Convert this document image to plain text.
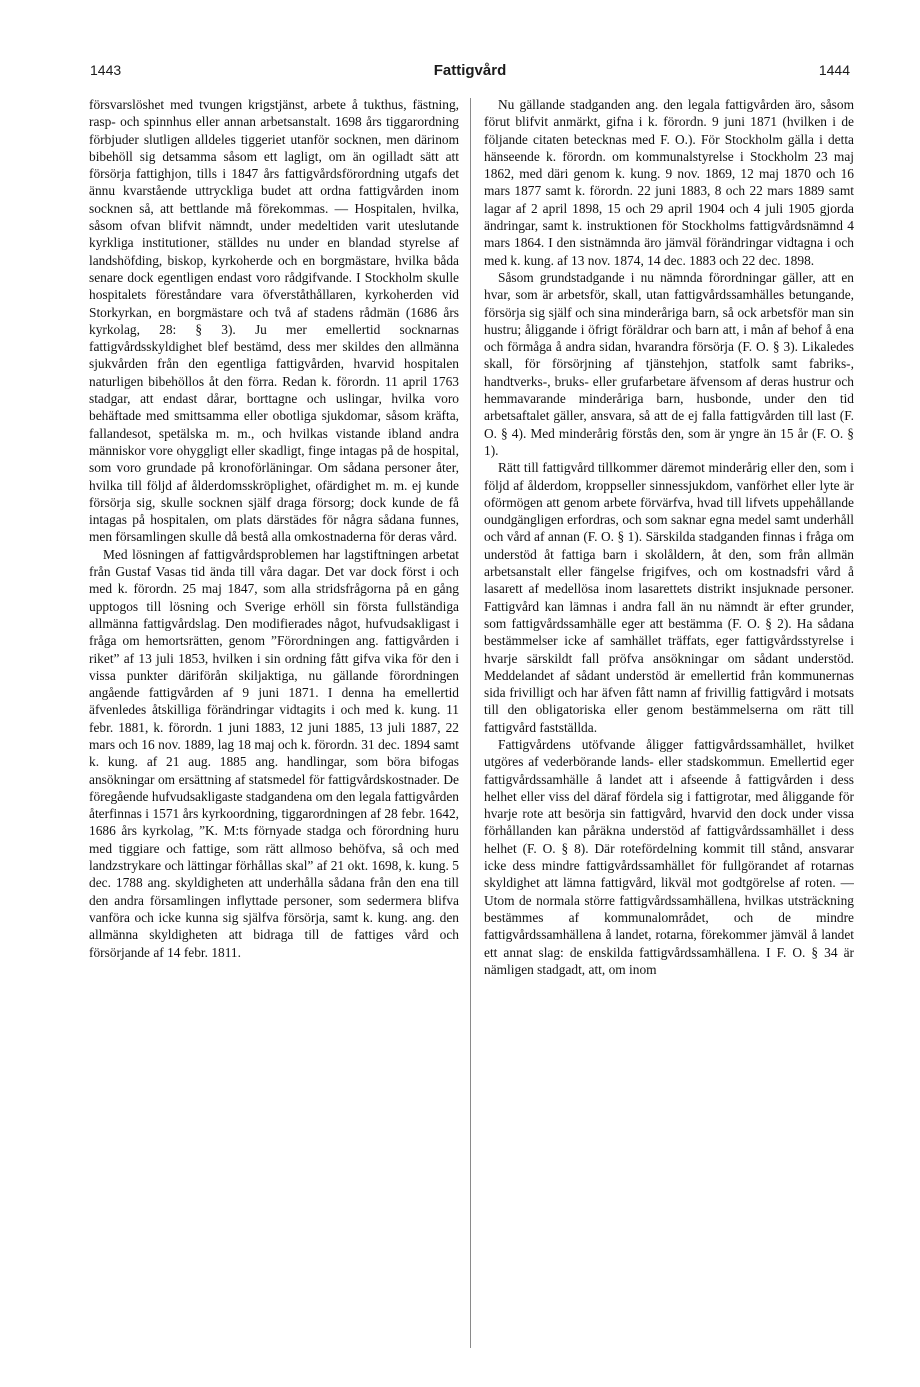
1443	Fattigvård	1444

försvarslöshet med tvungen krigstjänst, arbete å tukthus, fästning, rasp- och spinnhus eller annan arbetsanstalt. 1698 års tiggarordning förbjuder slutligen alldeles tiggeriet utanför socknen, men därinom bibehöll sig detsamma såsom ett lagligt, om än ogilladt sätt att försörja fattighjon, tills i 1847 års fattigvårdsförordning utgafs det ännu kvarstående uttryckliga budet att ordna fattigvården inom socknen så, att bettlande må förekommas. — Hospitalen, hvilka, såsom ofvan blifvit nämndt, under medeltiden varit uteslutande kyrkliga institutioner, ställdes nu under en blandad styrelse af landshöfding, biskop, kyrkoherde och en borgmästare, hvilka båda senare dock egentligen endast voro rådgifvande. I Stockholm skulle hospitalets föreståndare vara öfverståthållaren, kyrkoherden vid Storkyrkan, en borgmästare och två af stadens rådmän (1686 års kyrkolag, 28: § 3). Ju mer emellertid socknarnas fattigvårdsskyldighet blef bestämd, dess mer skildes den allmänna sjukvården från den egentliga fattigvården, hvarvid hospitalen naturligen bibehöllos åt den förra. Redan k. förordn. 11 april 1763 stadgar, att endast dårar, borttagne och uslingar, hvilka voro behäftade med smittsamma eller obotliga sjukdomar, såsom kräfta, fallandesot, spetälska m. m., och hvilkas vistande ibland andra människor vore ohyggligt eller skadligt, finge intagas på de hospital, som voro grundade på kronoförläningar. Om sådana personer åter, hvilka till följd af ålderdomsskröplighet, ofärdighet m. m. ej kunde försörja sig, skulle socknen själf draga försorg; dock kunde de få intagas på hospitalen, om plats därstädes för några sådana funnes, men församlingen skulle då bestå alla omkostnaderna för deras vård.

Med lösningen af fattigvårdsproblemen har lagstiftningen arbetat från Gustaf Vasas tid ända till våra dagar. Det var dock först i och med k. förordn. 25 maj 1847, som alla stridsfrågorna på en gång upptogos till lösning och Sverige erhöll sin första fullständiga allmänna fattigvårdslag. Den modifierades något, hufvudsakligast i fråga om hemortsrätten, genom ”Förordningen ang. fattigvården i riket” af 13 juli 1853, hvilken i sin ordning fått gifva vika för den i vissa punkter däriförån skiljaktiga, nu gällande förordningen angående fattigvården af 9 juni 1871. I denna ha emellertid äfvenledes åtskilliga förändringar vidtagits i och med k. kung. 11 febr. 1881, k. förordn. 1 juni 1883, 12 juni 1885, 13 juli 1887, 22 mars och 16 nov. 1889, lag 18 maj och k. förordn. 31 dec. 1894 samt k. kung. af 21 aug. 1885 ang. handlingar, som böra bifogas ansökningar om ersättning af statsmedel för fattigvårdskostnader. De föregående hufvudsakligaste stadgandena om den legala fattigvården återfinnas i 1571 års kyrkoordning, tiggarordningen af 28 febr. 1642, 1686 års kyrkolag, ”K. M:ts förnyade stadga och förordning huru med tiggiare och fattige, som rätt allmoso behöfva, så och med landzstrykare och lättingar förhållas skal” af 21 okt. 1698, k. kung. 5 dec. 1788 ang. skyldigheten att underhålla sådana från den ena till den andra församlingen inflyttade personer, som sedermera blifva vanföra och icke kunna sig själfva försörja, samt k. kung. ang. den allmänna skyldigheten att bidraga till de fattiges vård och försörjande af 14 febr. 1811.

Nu gällande stadganden ang. den legala fattigvården äro, såsom förut blifvit anmärkt, gifna i k. förordn. 9 juni 1871 (hvilken i de följande citaten betecknas med F. O.). För Stockholm gälla i detta hänseende k. förordn. om kommunalstyrelse i Stockholm 23 maj 1862, med däri genom k. kung. 9 nov. 1869, 12 maj 1870 och 16 mars 1877 samt k. förordn. 22 juni 1883, 8 och 22 mars 1889 samt lagar af 2 april 1898, 15 och 29 april 1904 och 4 juli 1905 gjorda ändringar, samt k. instruktionen för Stockholms fattigvårdsnämnd 4 mars 1864. I den sistnämnda äro jämväl förändringar vidtagna i och med k. kung. af 13 nov. 1874, 14 dec. 1883 och 22 dec. 1898.

Såsom grundstadgande i nu nämnda förordningar gäller, att en hvar, som är arbetsför, skall, utan fattigvårdssamhälles betungande, försörja sig själf och sina minderåriga barn, så ock arbetsför man sin hustru; åliggande i öfrigt föräldrar och barn att, i mån af behof å ena och förmåga å andra sidan, hvarandra försörja (F. O. § 3). Likaledes skall, för försörjning af tjänstehjon, statfolk samt fabriks-, handtverks-, bruks- eller grufarbetare äfvensom af deras hustrur och hemmavarande minderåriga barn, husbonde, under den tid arbetsaftalet gäller, ansvara, så att de ej falla fattigvården till last (F. O. § 4). Med minderårig förstås den, som är yngre än 15 år (F. O. § 1).

Rätt till fattigvård tillkommer däremot minderårig eller den, som i följd af ålderdom, kroppseller sinnessjukdom, vanförhet eller lyte är oförmögen att genom arbete förvärfva, hvad till lifvets uppehållande oundgängligen erfordras, och som saknar egna medel samt underhåll och vård af annan (F. O. § 1). Särskilda stadganden finnas i fråga om understöd åt fattiga barn i skolåldern, åt den, som från allmän arbetsanstalt eller fängelse frigifves, och om kostnadsfri vård å lasarett af medellösa inom lasarettets distrikt insjuknade personer. Fattigvård kan lämnas i andra fall än nu nämndt är efter grunder, som fattigvårdssamhälle eger att bestämma (F. O. § 2). Ha sådana bestämmelser icke af samhället träffats, eger fattigvårdsstyrelse i hvarje särskildt fall pröfva ansökningar om sådant understöd. Meddelandet af sådant understöd är emellertid från kommunernas sida frivilligt och har äfven fått namn af frivillig fattigvård i motsats till den obligatoriska eller genom bestämmelserna om rätt till fattigvård fastställda.

Fattigvårdens utöfvande åligger fattigvårdssamhället, hvilket utgöres af vederbörande lands- eller stadskommun. Emellertid eger fattigvårdssamhälle å landet att i afseende å fattigvården i dess helhet eller viss del däraf fördela sig i fattigrotar, med åliggande för hvarje rote att besörja sin fattigvård, hvarvid den dock under vissa förhållanden kan påräkna understöd af fattigvårdssamhället i dess helhet (F. O. § 8). Där rotefördelning kommit till stånd, ansvarar icke dess mindre fattigvårdssamhället för fullgörandet af rotarnas skyldighet att lämna fattigvård, likväl mot godtgörelse af roten. — Utom de normala större fattigvårdssamhällena, hvilkas utsträckning bestämmes af kommunalområdet, och de mindre fattigvårdssamhällena å landet, rotarna, förekommer jämväl å landet ett annat slag: de enskilda fattigvårdssamhällena. I F. O. § 34 är nämligen stadgadt, att, om inom
